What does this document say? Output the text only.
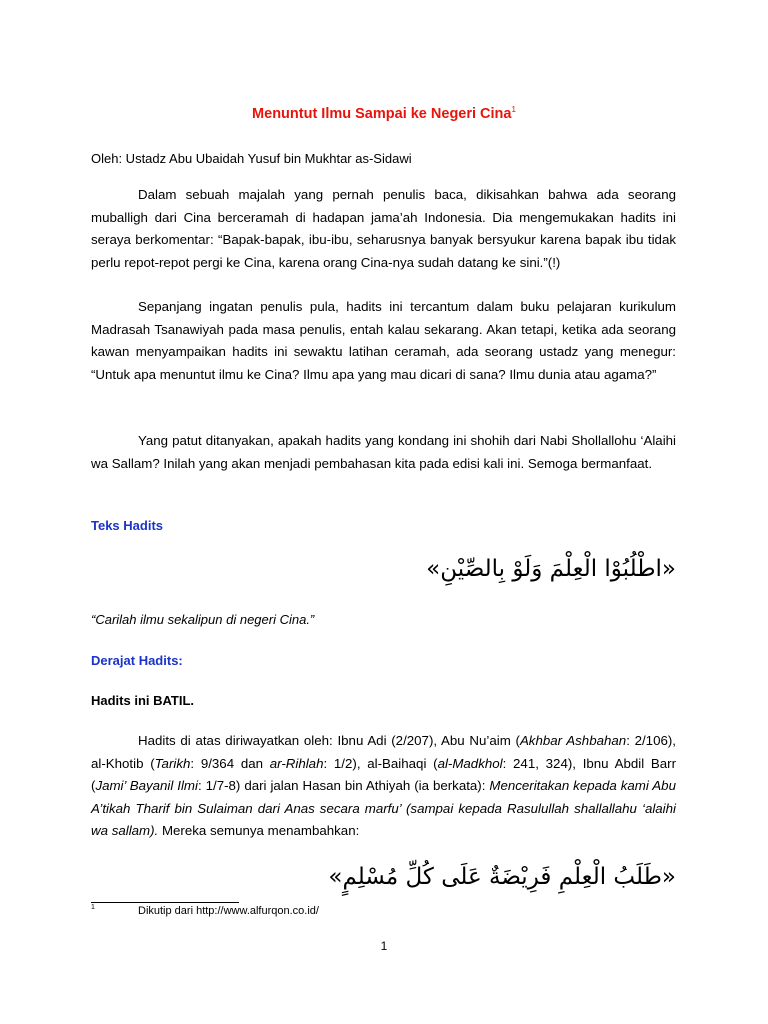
Menuntut Ilmu Sampai ke Negeri Cina$^1$
Oleh: Ustadz Abu Ubaidah Yusuf bin Mukhtar as-Sidawi

Dalam sebuah majalah yang pernah penulis baca, dikisahkan bahwa ada seorang muballigh dari Cina berceramah di hadapan jama’ah Indonesia. Dia mengemukakan hadits ini seraya berkomentar: “Bapak-bapak, ibu-ibu, seharusnya banyak bersyukur karena bapak ibu tidak perlu repot-repot pergi ke Cina, karena orang Cina-nya sudah datang ke sini.”(!)

Sepanjang ingatan penulis pula, hadits ini tercantum dalam buku pelajaran kurikulum Madrasah Tsanawiyah pada masa penulis, entah kalau sekarang. Akan tetapi, ketika ada seorang kawan menyampaikan hadits ini sewaktu latihan ceramah, ada seorang ustadz yang menegur: “Untuk apa menuntut ilmu ke Cina? Ilmu apa yang mau dicari di sana? Ilmu dunia atau agama?”

Yang patut ditanyakan, apakah hadits yang kondang ini shohih dari Nabi Shollallohu ‘Alaihi wa Sallam? Inilah yang akan menjadi pembahasan kita pada edisi kali ini. Semoga bermanfaat.

Teks Hadits
«اطْلُبُوْا الْعِلْمَ وَلَوْ بِالصِّيْنِ»
“Carilah ilmu sekalipun di negeri Cina.”
Derajat Hadits:
Hadits ini BATIL.

Hadits di atas diriwayatkan oleh: Ibnu Adi (2/207), Abu Nu’aim (Akhbar Ashbahan: 2/106), al-Khotib (Tarikh: 9/364 dan ar-Rihlah: 1/2), al-Baihaqi (al-Madkhol: 241, 324), Ibnu Abdil Barr (Jami’ Bayanil Ilmi: 1/7-8) dari jalan Hasan bin Athiyah (ia berkata): Menceritakan kepada kami Abu A’tikah Tharif bin Sulaiman dari Anas secara marfu’ (sampai kepada Rasulullah shallallahu ‘alaihi wa sallam). Mereka semunya menambahkan:

«طَلَبُ الْعِلْمِ فَرِيْضَةٌ عَلَى كُلِّ مُسْلِمٍ»
1	Dikutip dari http://www.alfurqon.co.id/
1
